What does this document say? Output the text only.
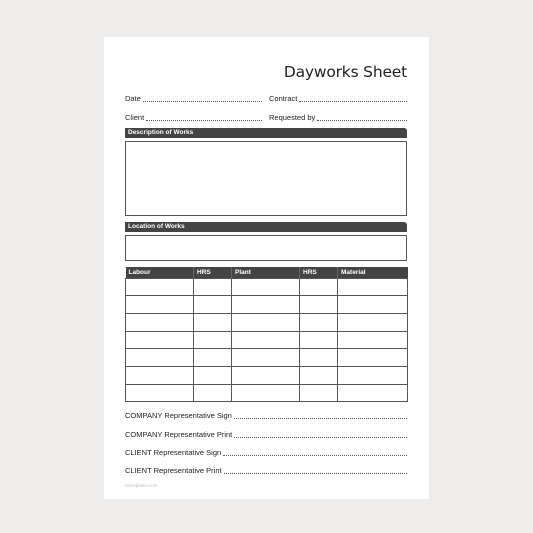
Dayworks Sheet
Date	Contract
Client	Requested by
Description of Works
Location of Works
Labour	HRS	Plant	HRS	Material

COMPANY Representative Sign
COMPANY Representative Print
CLIENT Representative Sign
CLIENT Representative Print
Dtemplates.com
